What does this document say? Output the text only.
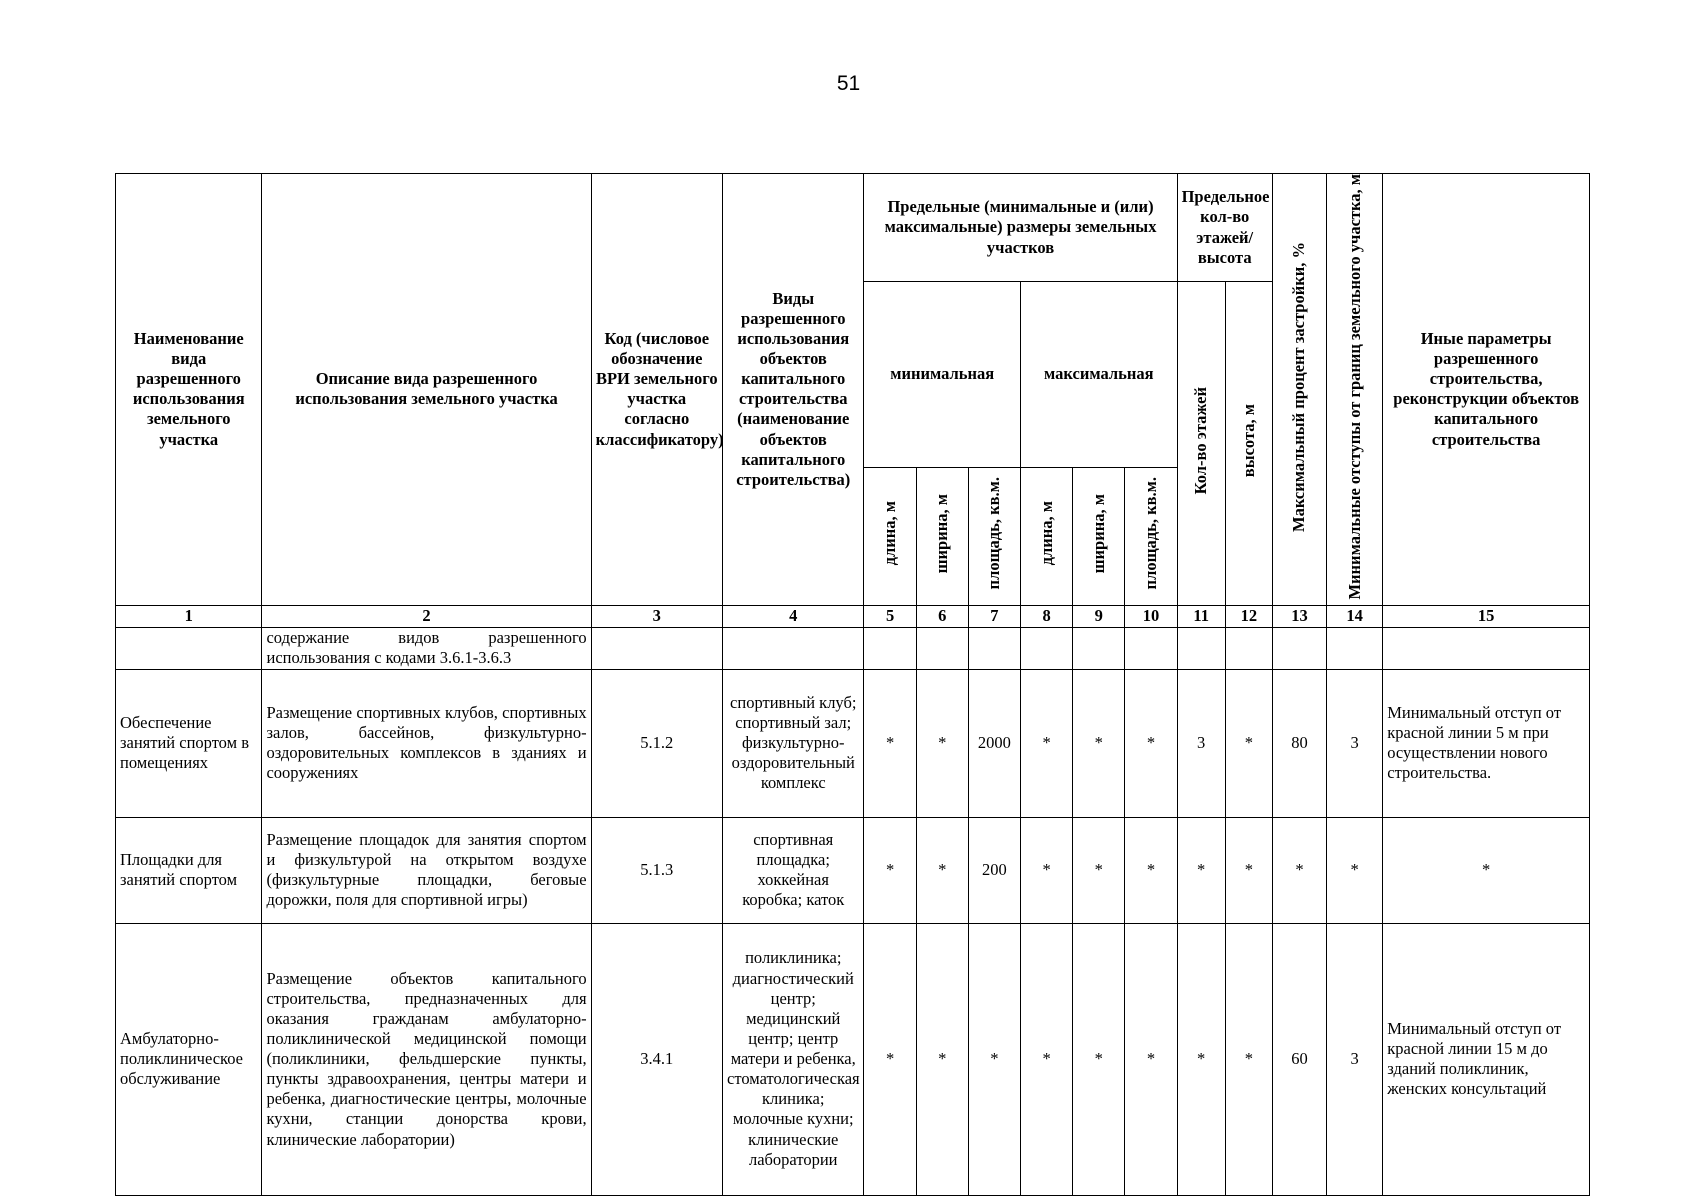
51
Наименование вида разрешенного использования земельного участка	Описание вида разрешенного использования земельного участка	Код (числовое обозначение ВРИ земельного участка согласно классификатору)	Виды разрешенного использования объектов капитального строительства (наименование объектов капитального строительства)	Предельные (минимальные и (или) максимальные) размеры земельных участков						Предельное кол-во этажей/ высота		Максимальный процент застройки, %	Минимальные отступы от границ земельного участка, м	Иные параметры разрешенного строительства, реконструкции объектов капитального строительства
				минимальная			максимальная			Кол-во этажей	высота, м			
				длина, м	ширина, м	площадь, кв.м.	длина, м	ширина, м	площадь, кв.м.					
1	2	3	4	5	6	7	8	9	10	11	12	13	14	15
	содержание видов разрешенного использования с кодами 3.6.1-3.6.3													
Обеспечение занятий спортом в помещениях	Размещение спортивных клубов, спортивных залов, бассейнов, физкультурно-оздоровительных комплексов в зданиях и сооружениях	5.1.2	спортивный клуб; спортивный зал; физкультурно-оздоровительный комплекс	*	*	2000	*	*	*	3	*	80	3	Минимальный отступ от красной линии 5 м при осуществлении нового строительства.
Площадки для занятий спортом	Размещение площадок для занятия спортом и физкультурой на открытом воздухе (физкультурные площадки, беговые дорожки, поля для спортивной игры)	5.1.3	спортивная площадка; хоккейная коробка; каток	*	*	200	*	*	*	*	*	*	*	*
Амбулаторно-поликлиническое обслуживание	Размещение объектов капитального строительства, предназначенных для оказания гражданам амбулаторно-поликлинической медицинской помощи (поликлиники, фельдшерские пункты, пункты здравоохранения, центры матери и ребенка, диагностические центры, молочные кухни, станции донорства крови, клинические лаборатории)	3.4.1	поликлиника; диагностический центр; медицинский центр; центр матери и ребенка, стоматологическая клиника; молочные кухни; клинические лаборатории	*	*	*	*	*	*	*	*	60	3	Минимальный отступ от красной линии 15 м до зданий поликлиник, женских консультаций
